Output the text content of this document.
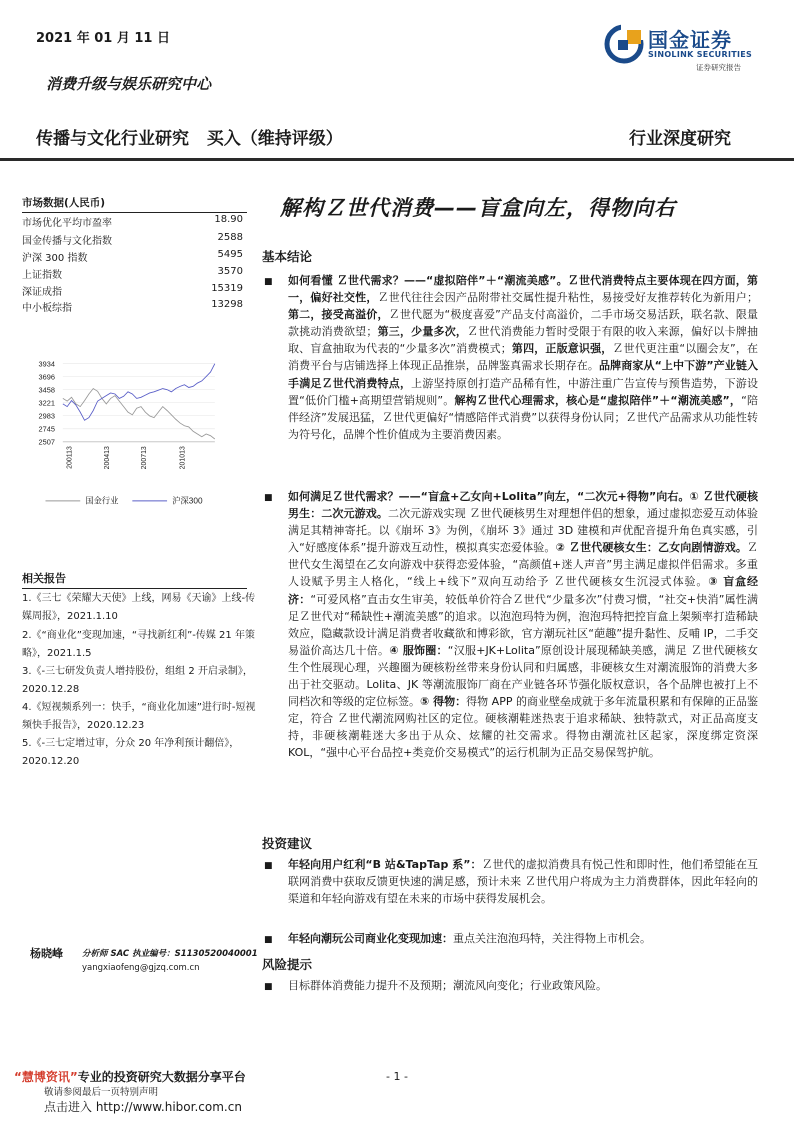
2021 年 01 月 11 日	国金证券
SINOLINK SECURITIES
证券研究报告
消费升级与娱乐研究中心
传播与文化行业研究   买入（维持评级）	行业深度研究
市场数据(人民币)
市场优化平均市盈率	18.90
国金传播与文化指数	2588
沪深 300 指数	5495
上证指数	3570
深证成指	15319
中小板综指	13298
3934
3696
3458
3221
2983
2745
2507
200113	200413	200713	201013
国金行业	沪深300
相关报告
1.《三七《荣耀大天使》上线，网易《天谕》上线-传媒周报》，2021.1.10
2.《“商业化”变现加速，“寻找新红利”-传媒 21 年策略》，2021.1.5
3.《-三七研发负责人增持股份，组组 2 开启录制》，2020.12.28
4.《短视频系列一：快手，“商业化加速”进行时-短视频快手报告》，2020.12.23
5.《-三七定增过审，分众 20 年净利预计翻倍》，2020.12.20
杨晓峰 分析师 SAC 执业编号：S1130520040001
yangxiaofeng@gjzq.com.cn
解构Ｚ世代消费——盲盒向左，得物向右
基本结论
■ 如何看懂 Ｚ世代需求？——“虚拟陪伴”＋“潮流美感”。Ｚ世代消费特点主要体现在四方面，第一，偏好社交性，Ｚ世代往往会因产品附带社交属性提升粘性，易接受好友推荐转化为新用户；第二，接受高溢价，Ｚ世代愿为“极度喜爱”产品支付高溢价，二手市场交易活跃，联名款、限量款挑动消费欲望；第三，少量多次，Ｚ世代消费能力暂时受限于有限的收入来源，偏好以卡牌抽取、盲盒抽取为代表的“少量多次”消费模式；第四，正版意识强，Ｚ世代更注重“以圈会友”，在消费平台与店铺选择上体现正品推崇，品牌鉴真需求长期存在。品牌商家从“上中下游”产业链入手满足Ｚ世代消费特点，上游坚持原创打造产品稀有性，中游注重广告宣传与预售造势，下游设置“低价门槛+高期望营销规则”。解构Ｚ世代心理需求，核心是“虚拟陪伴”＋“潮流美感”，“陪伴经济”发展迅猛，Ｚ世代更偏好“情感陪伴式消费”以获得身份认同；Ｚ世代产品需求从功能性转为符号化，品牌个性价值成为主要消费因素。
■ 如何满足Ｚ世代需求？——“盲盒+乙女向+Lolita”向左，“二次元+得物”向右。① Ｚ世代硬核男生：二次元游戏。二次元游戏实现 Ｚ世代硬核男生对理想伴侣的想象，通过虚拟恋爱互动体验满足其精神寄托。以《崩坏 3》为例，《崩坏 3》通过 3D 建模和声优配音提升角色真实感，引入“好感度体系”提升游戏互动性，模拟真实恋爱体验。② Ｚ世代硬核女生：乙女向剧情游戏。Ｚ世代女生渴望在乙女向游戏中获得恋爱体验，“高颜值+迷人声音”男主满足虚拟伴侣需求。多重人设赋予男主人格化，“线上+线下”双向互动给予 Ｚ世代硬核女生沉浸式体验。③ 盲盒经济：“可爱风格”直击女生审美，较低单价符合Ｚ世代“少量多次”付费习惯，“社交+快消”属性满足Ｚ世代对“稀缺性+潮流美感”的追求。以泡泡玛特为例，泡泡玛特把控盲盒上架频率打造稀缺效应，隐藏款设计满足消费者收藏欲和博彩欲，官方潮玩社区“葩趣”提升黏性、反哺 IP，二手交易溢价高达几十倍。④ 服饰圈：“汉服+JK+Lolita”原创设计展现稀缺美感，满足 Ｚ世代硬核女生个性展现心理，兴趣圈为硬核粉丝带来身份认同和归属感，非硬核女生对潮流服饰的消费大多出于社交驱动。Lolita、JK 等潮流服饰厂商在产业链各环节强化版权意识，各个品牌也被打上不同档次和等级的定位标签。⑤ 得物：得物 APP 的商业壁垒成就于多年流量积累和有保障的正品鉴定，符合 Ｚ世代潮流网购社区的定位。硬核潮鞋迷热衷于追求稀缺、独特款式，对正品高度支持，非硬核潮鞋迷大多出于从众、炫耀的社交需求。得物由潮流社区起家，深度绑定资深 KOL，“强中心平台品控+类竞价交易模式”的运行机制为正品交易保驾护航。
投资建议
■ 年轻向用户红利“B 站&TapTap 系”：Ｚ世代的虚拟消费具有悦己性和即时性，他们希望能在互联网消费中获取反馈更快速的满足感，预计未来 Ｚ世代用户将成为主力消费群体，因此年轻向的渠道和年轻向游戏有望在未来的市场中获得发展机会。
■ 年轻向潮玩公司商业化变现加速：重点关注泡泡玛特，关注得物上市机会。
风险提示
■ 目标群体消费能力提升不及预期；潮流风向变化；行业政策风险。
“慧博资讯”专业的投资研究大数据分享平台	- 1 -
敬请参阅最后一页特别声明
点击进入 http://www.hibor.com.cn
